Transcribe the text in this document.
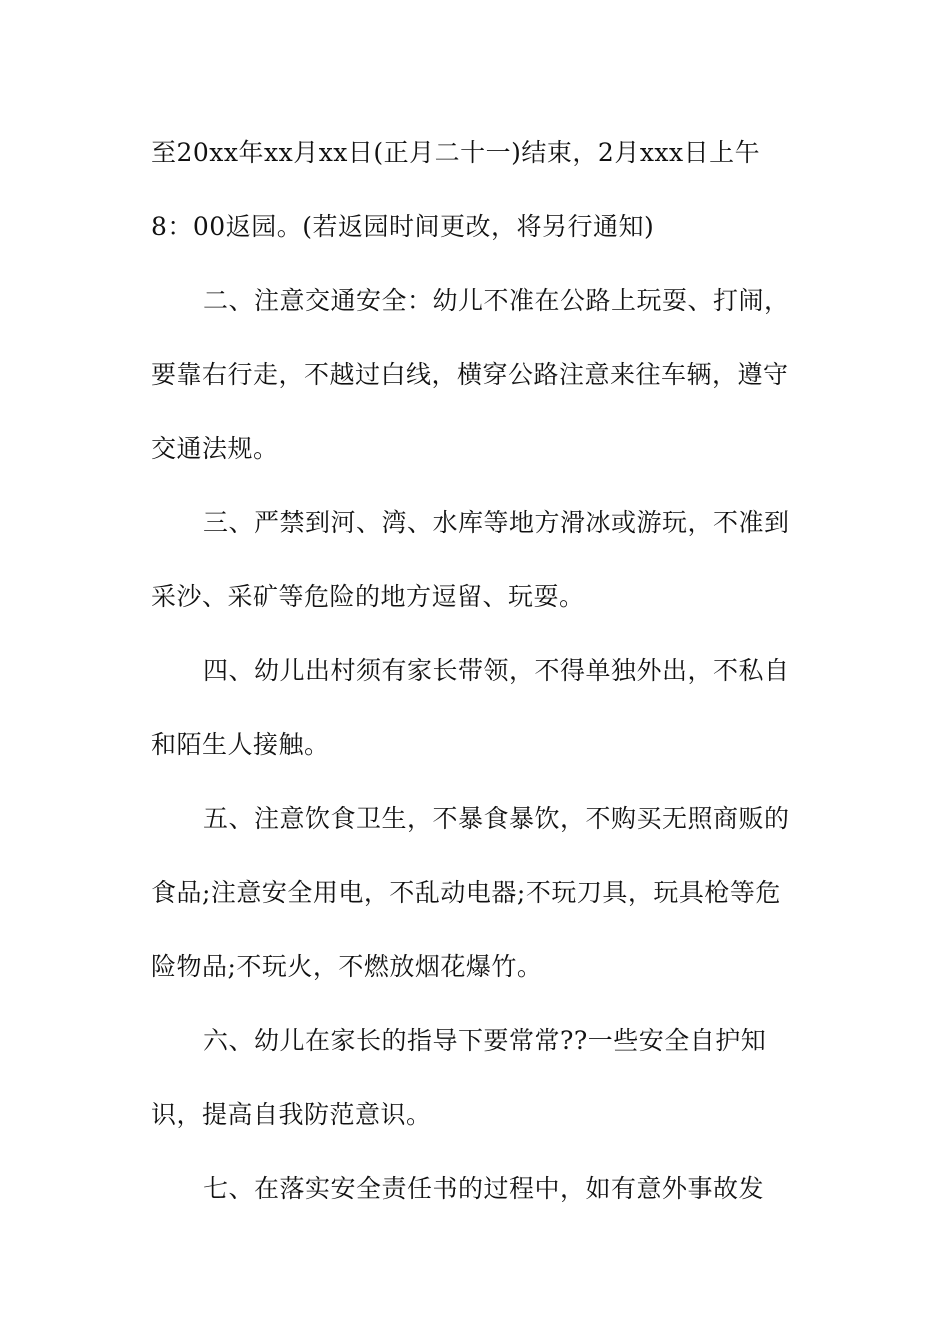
至20xx年xx月xx日(正月二十一)结束，2月xxx日上午
8：00返园。(若返园时间更改，将另行通知)
二、注意交通安全：幼儿不准在公路上玩耍、打闹，
要靠右行走，不越过白线，横穿公路注意来往车辆，遵守
交通法规。
三、严禁到河、湾、水库等地方滑冰或游玩，不准到
采沙、采矿等危险的地方逗留、玩耍。
四、幼儿出村须有家长带领，不得单独外出，不私自
和陌生人接触。
五、注意饮食卫生，不暴食暴饮，不购买无照商贩的
食品;注意安全用电，不乱动电器;不玩刀具，玩具枪等危
险物品;不玩火，不燃放烟花爆竹。
六、幼儿在家长的指导下要常常??一些安全自护知
识，提高自我防范意识。
七、在落实安全责任书的过程中，如有意外事故发
